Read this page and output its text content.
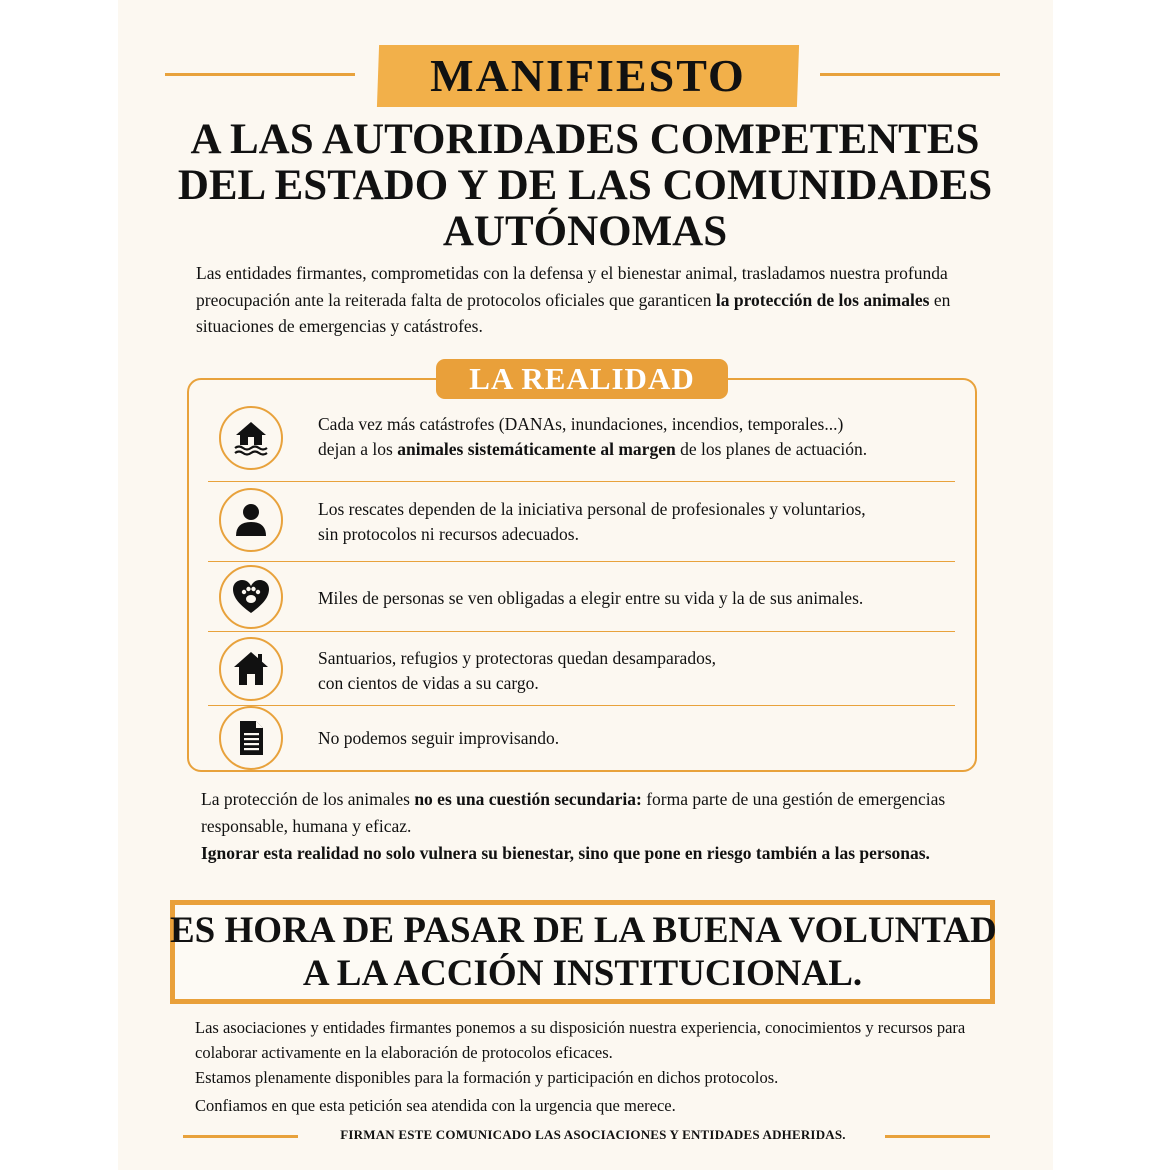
MANIFIESTO
A LAS AUTORIDADES COMPETENTES
DEL ESTADO Y DE LAS COMUNIDADES
AUTÓNOMAS
Las entidades firmantes, comprometidas con la defensa y el bienestar animal, trasladamos nuestra profunda preocupación ante la reiterada falta de protocolos oficiales que garanticen la protección de los animales en situaciones de emergencias y catástrofes.
LA REALIDAD
Cada vez más catástrofes (DANAs, inundaciones, incendios, temporales...)
dejan a los animales sistemáticamente al margen de los planes de actuación.
Los rescates dependen de la iniciativa personal de profesionales y voluntarios,
sin protocolos ni recursos adecuados.
Miles de personas se ven obligadas a elegir entre su vida y la de sus animales.
Santuarios, refugios y protectoras quedan desamparados,
con cientos de vidas a su cargo.
No podemos seguir improvisando.
La protección de los animales no es una cuestión secundaria: forma parte de una gestión de emergencias responsable, humana y eficaz.
Ignorar esta realidad no solo vulnera su bienestar, sino que pone en riesgo también a las personas.
ES HORA DE PASAR DE LA BUENA VOLUNTAD
A LA ACCIÓN INSTITUCIONAL.
Las asociaciones y entidades firmantes ponemos a su disposición nuestra experiencia, conocimientos y recursos para colaborar activamente en la elaboración de protocolos eficaces.
Estamos plenamente disponibles para la formación y participación en dichos protocolos.
Confiamos en que esta petición sea atendida con la urgencia que merece.
FIRMAN ESTE COMUNICADO LAS ASOCIACIONES Y ENTIDADES ADHERIDAS.
